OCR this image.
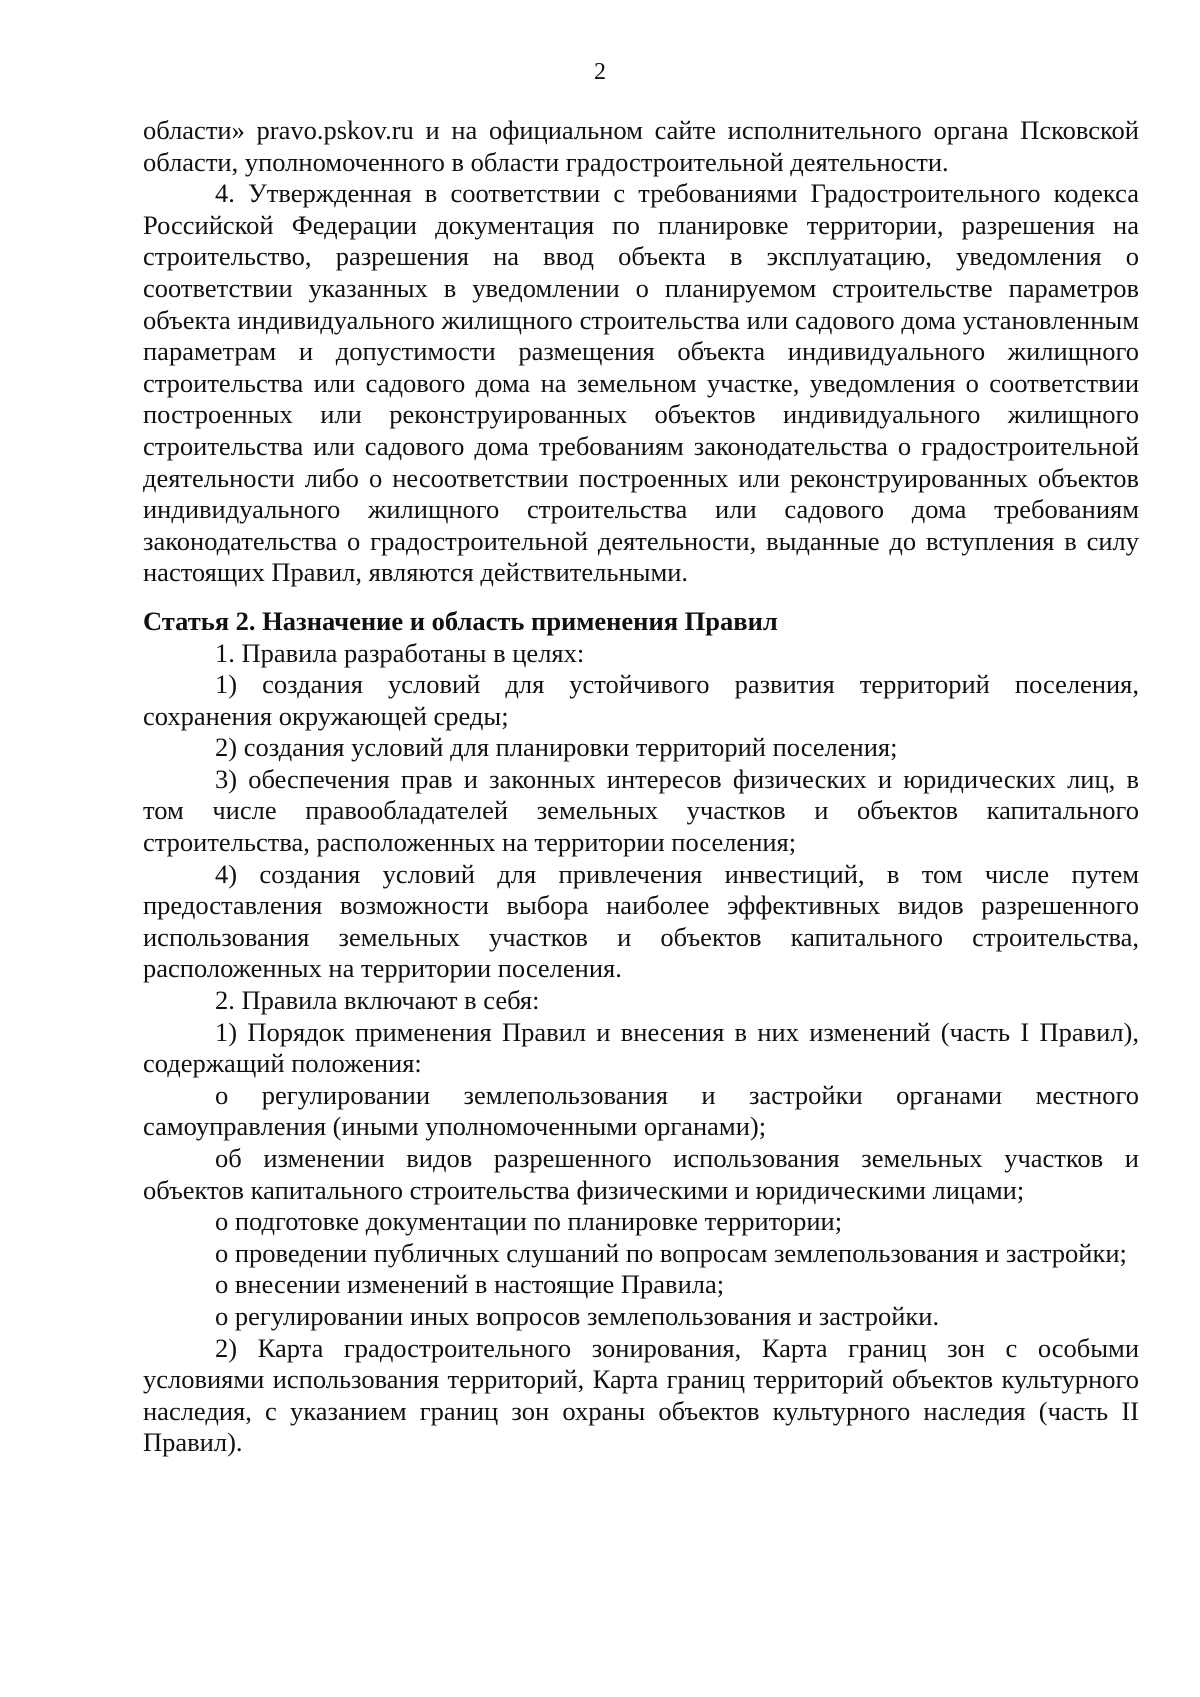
2

области» pravo.pskov.ru и на официальном сайте исполнительного органа Псковской области, уполномоченного в области градостроительной деятельности.

4. Утвержденная в соответствии с требованиями Градостроительного кодекса Российской Федерации документация по планировке территории, разрешения на строительство, разрешения на ввод объекта в эксплуатацию, уведомления о соответствии указанных в уведомлении о планируемом строительстве параметров объекта индивидуального жилищного строительства или садового дома установленным параметрам и допустимости размещения объекта индивидуального жилищного строительства или садового дома на земельном участке, уведомления о соответствии построенных или реконструированных объектов индивидуального жилищного строительства или садового дома требованиям законодательства о градостроительной деятельности либо о несоответствии построенных или реконструированных объектов индивидуального жилищного строительства или садового дома требованиям законодательства о градостроительной деятельности, выданные до вступления в силу настоящих Правил, являются действительными.

Статья 2. Назначение и область применения Правил

1. Правила разработаны в целях:

1) создания условий для устойчивого развития территорий поселения, сохранения окружающей среды;

2) создания условий для планировки территорий поселения;

3) обеспечения прав и законных интересов физических и юридических лиц, в том числе правообладателей земельных участков и объектов капитального строительства, расположенных на территории поселения;

4) создания условий для привлечения инвестиций, в том числе путем предоставления возможности выбора наиболее эффективных видов разрешенного использования земельных участков и объектов капитального строительства, расположенных на территории поселения.

2. Правила включают в себя:

1) Порядок применения Правил и внесения в них изменений (часть I Правил), содержащий положения:

о регулировании землепользования и застройки органами местного самоуправления (иными уполномоченными органами);

об изменении видов разрешенного использования земельных участков и объектов капитального строительства физическими и юридическими лицами;

о подготовке документации по планировке территории;

о проведении публичных слушаний по вопросам землепользования и застройки;

о внесении изменений в настоящие Правила;

о регулировании иных вопросов землепользования и застройки.

2) Карта градостроительного зонирования, Карта границ зон с особыми условиями использования территорий, Карта границ территорий объектов культурного наследия, с указанием границ зон охраны объектов культурного наследия (часть II Правил).
